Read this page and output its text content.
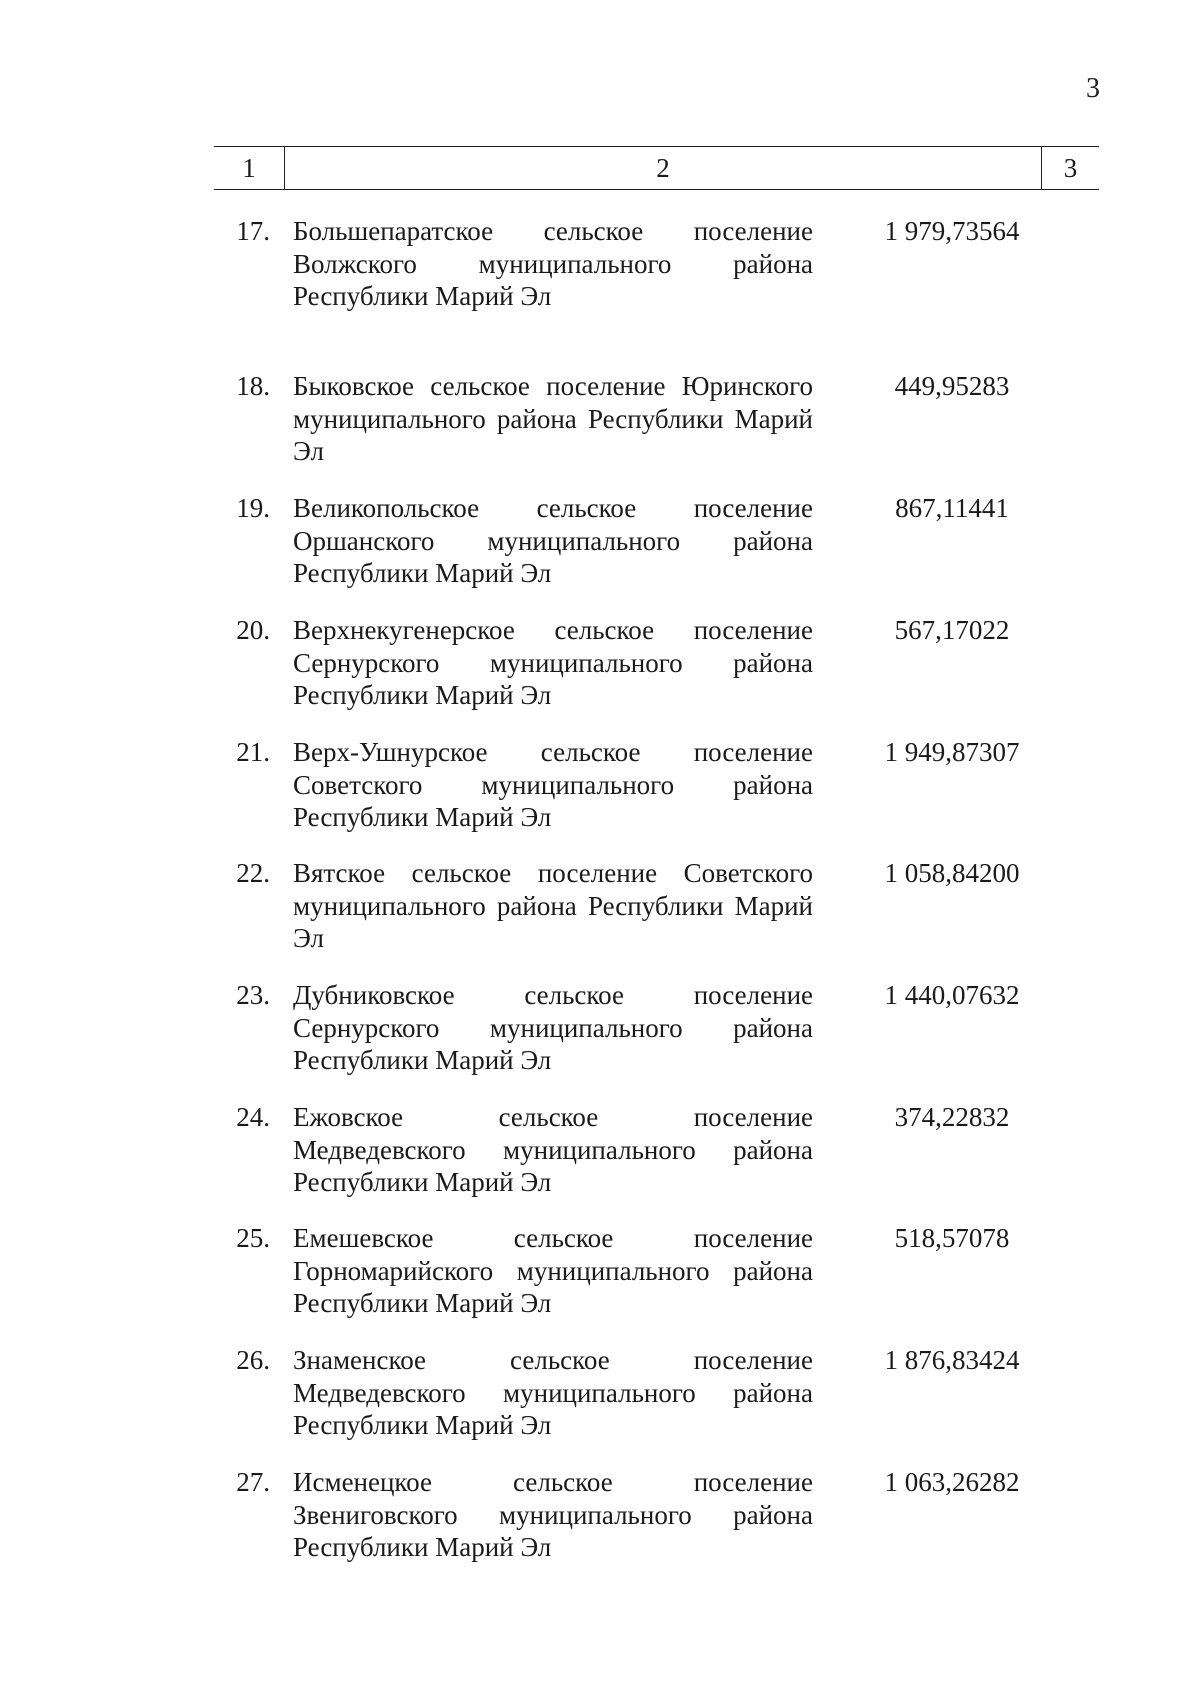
3
1	2	3
17. Большепаратское сельское поселение Волжского муниципального района Республики Марий Эл
1 979,73564
18. Быковское сельское поселение Юринского муниципального района Республики Марий Эл
449,95283
19. Великопольское сельское поселение Оршанского муниципального района Республики Марий Эл
867,11441
20. Верхнекугенерское сельское поселение Сернурского муниципального района Республики Марий Эл
567,17022
21. Верх-Ушнурское сельское поселение Советского муниципального района Республики Марий Эл
1 949,87307
22. Вятское сельское поселение Советского муниципального района Республики Марий Эл
1 058,84200
23. Дубниковское сельское поселение Сернурского муниципального района Республики Марий Эл
1 440,07632
24. Ежовское сельское поселение Медведевского муниципального района Республики Марий Эл
374,22832
25. Емешевское сельское поселение Горномарийского муниципального района Республики Марий Эл
518,57078
26. Знаменское сельское поселение Медведевского муниципального района Республики Марий Эл
1 876,83424
27. Исменецкое сельское поселение Звениговского муниципального района Республики Марий Эл
1 063,26282
